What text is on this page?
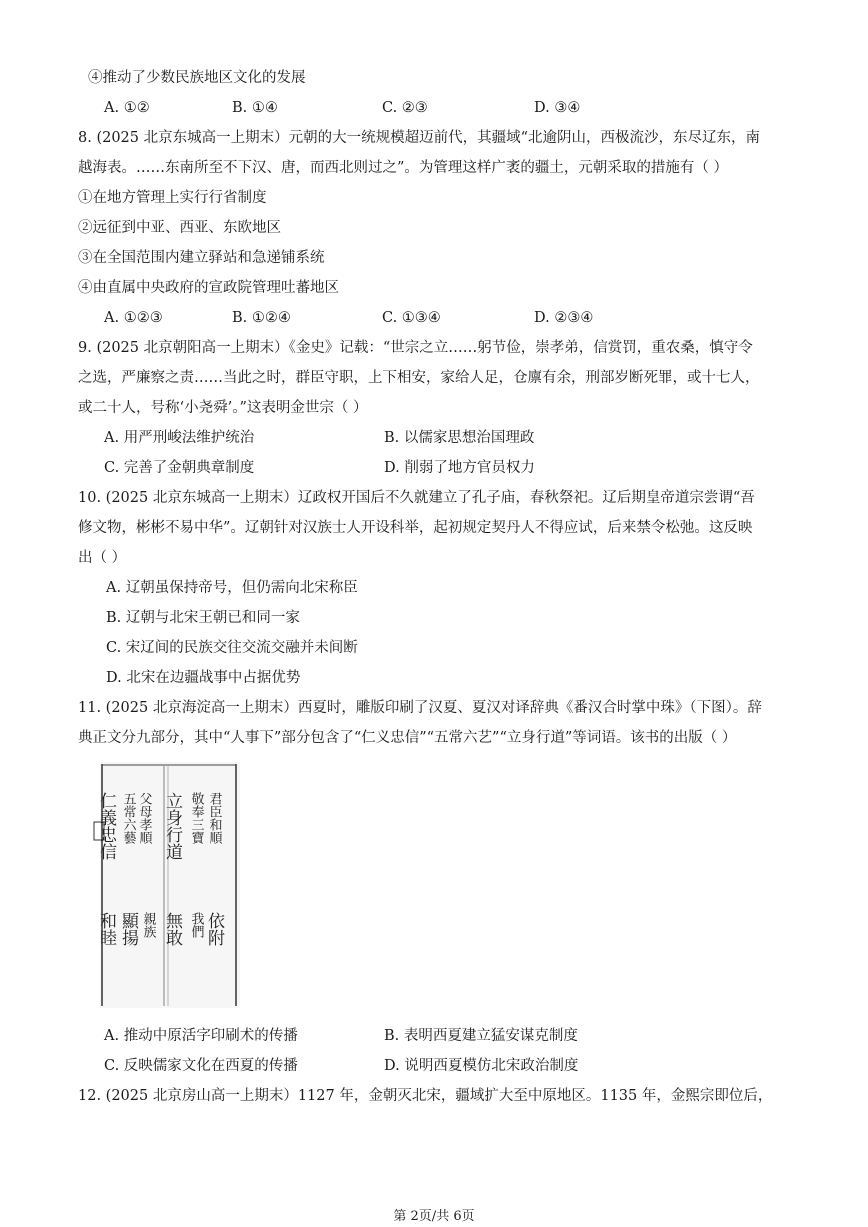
④推动了少数民族地区文化的发展
A. ①②	B. ①④	C. ②③	D. ③④
8. (2025 北京东城高一上期末）元朝的大一统规模超迈前代，其疆域“北逾阴山，西极流沙，东尽辽东，南
越海表。……东南所至不下汉、唐，而西北则过之”。为管理这样广袤的疆土，元朝采取的措施有（ ）
①在地方管理上实行行省制度
②远征到中亚、西亚、东欧地区
③在全国范围内建立驿站和急递铺系统
④由直属中央政府的宣政院管理吐蕃地区
A. ①②③	B. ①②④	C. ①③④	D. ②③④
9. (2025 北京朝阳高一上期末）《金史》记载：“世宗之立……躬节俭，崇孝弟，信赏罚，重农桑，慎守令
之选，严廉察之责……当此之时，群臣守职，上下相安，家给人足，仓廪有余，刑部岁断死罪，或十七人，
或二十人，号称‘小尧舜’。”这表明金世宗（ ）
A. 用严刑峻法维护统治	B. 以儒家思想治国理政
C. 完善了金朝典章制度	D. 削弱了地方官员权力
10. (2025 北京东城高一上期末）辽政权开国后不久就建立了孔子庙，春秋祭祀。辽后期皇帝道宗尝谓“吾
修文物，彬彬不易中华”。辽朝针对汉族士人开设科举，起初规定契丹人不得应试，后来禁令松弛。这反映
出（ ）
A. 辽朝虽保持帝号，但仍需向北宋称臣
B. 辽朝与北宋王朝已和同一家
C. 宋辽间的民族交往交流交融并未间断
D. 北宋在边疆战事中占据优势
11. (2025 北京海淀高一上期末）西夏时，雕版印刷了汉夏、夏汉对译辞典《番汉合时掌中珠》（下图）。辞
典正文分九部分，其中“人事下”部分包含了“仁义忠信”“五常六艺”“立身行道”等词语。该书的出版（ ）
仁義忠信 五常六藝 父母孝順 立身行道 敬奉三寶 君臣和順
和睦 顯揚 親族 無敢 我們 依附
A. 推动中原活字印刷术的传播	B. 表明西夏建立猛安谋克制度
C. 反映儒家文化在西夏的传播	D. 说明西夏模仿北宋政治制度
12. (2025 北京房山高一上期末）1127 年，金朝灭北宋，疆域扩大至中原地区。1135 年，金熙宗即位后，
第 2页/共 6页
